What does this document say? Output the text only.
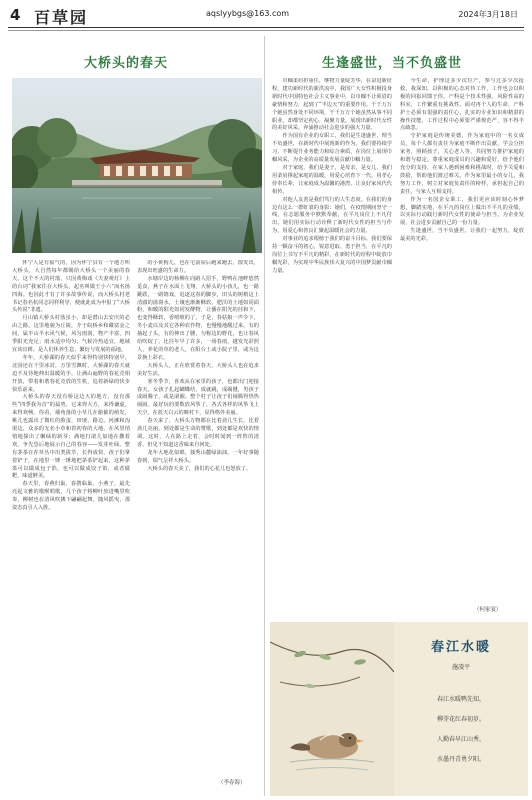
4 百草园	aqslyybgs@163.com	2024年3月18日
大桥头的春天

怀宁人是有福气的，因为怀宁县有一个地方叫大桥头，大自然每年都赐给大桥头一个美丽的春天。这个不大的村落，只因黄梅戏《夫妻观灯》上的台词“我家住在大桥头，起名叫做王小六”而名扬四海。也因此才有了许多故事传说，而大桥头村老书记春名杭同志同样利导，便就此成为申报了“大桥头传说”非遗。

月山镇大桥头村落虽小，却是潜山去安庆的必由之路。这里地貌为丘陵，介于皖桥乡和藏富金之间，属半山半水风气候，风匀雨润，物产丰富，四季阳光充足；雨水适中均匀；气候冷热适宜，地域宜该宜耕。是人们休养生息，繁衍与发展的福地。

冬年，大桥湖的春天似乎来得特别快特别早，北国还在千里冰封，万里雪飘时，大桥湖的春天就迫不及待地伸出温暖的手，让满山遍野的春花竞相开放，带着和谐春花竞放的生机，追着新绿的快步快乐前来。

大桥头的春天没有桥这边大的地方，没有那些“四季我为首”的属势，它来得大方，来得谦虚，来得欢畅。你看，墙角落的小草儿在偷偷的萌发，桃儿也露出了微红的脸蛋，田埂、路边，河滩和沟渠边，众多的无名小草和着初春的大地，在风里悄悄地探出了嫩绿的新芽；满地打滚儿似地在撒着欢，争先恐后地展示自己的春容——发芽吐绿。整有茅茶在茬草丛中出类拔萃，长得成快，孩子们拿着铲子，在地里一锤一锤地把茅茶铲起来，这种茅茶可以做成包子馅，也可以做成饺子馅，或者做粑，味道鲜美。

春天里，春燕归巢，春鹊临巢，小燕子，最先亮起文雅的歌喉唱歌，几个孩子将柳叶放进嘴里吹奏，柳树也在清风吹拂下翩翩起舞，随风摇曳，那姿态真引人入胜。

的小黄狗儿，也在宅前屋后跑来跑去，散发出，表现出旺盛的生命力。

水塘岸边的杨柳在向路人招手，野鸭在池畔悠然觅食，燕子在水面上飞翔，大桥头的小孩儿，也一路跳跃，一路嬉戏，追逐这春的脚步，田头的树梢这上清澈的滋润水，土壤也渐渐酥软，肥沃的土地如同面粉，和暖的阳光如同发酵物，让播在阳光的挂和下，也变得酥软，香喷喷的了。于是，春姑娘一声令下，冬小麦以及其它各种农作物，也慢慢地醒过来，有的抽起了头，有的伸出了腰，匀称边的野花，也让春风给吹绽了。比往年早了许多，一场春雨，越发光彩照人，养花莳草的老人，在阳台上或小院子里，或为这景换上彩衣。

大桥头人，正在欣赏着春天，大桥头人也在追求美好生活。

寒冬季节，喜欢从在家里的孩子，也都出门迎接春天。女孩子扎起蝴蝶结，成就跳，成踢毽，男孩子或闹腾子，或是滚圈。整个村子让孩子们闹腾得热热闹闹。最好玩的要数放风筝了，各式各样的风筝飞上天空，在蓝天白云的映衬下，显得格外美丽。

春天来了，大桥头万物都在比着劲儿生长，比着劲儿亮丽。到处都是生命的赞歌，到处都是欢快的情调。这时，人在路上走着，会时时闻到一阵阵的清香，但见不知道这香味来自何处。

龙年大地花似锦，独秀山麓绿油油。一年好事随春到，瑞气呈祥大桥头。

大桥头的春天美了，我们的心花儿也怒放了。

（李春海）
生逢盛世，当不负盛世

巾帼柔肩担重任，继物力量绽芳华，在奋进新征程，建功新时代的新洪流中，我国广大女性积极投身新时代中国特色社会主义事业中，以巾帼不让须眉的豪情和努力，起到了“半边天”的重要作用。千千万万个她虽然身处不同环境，千千万万个她虽然从事不同职业，却都坚定初心，凝聚力量，展现出新时代女性的美好风采，奔涌推动社会进步的强大力量。

作为国有企业的女职工，我们是生逢盛世，理当不负盛世，在新时代中展现新的作为。我们要持续学习，不断提升业务能力和综合素质，在岗位上展现巾帼风采，为企业的高质量发展贡献巾帼力量。

对于家庭，我们是妻子，是母亲，是女儿，我们用柔肩撑起家庭的温暖，用爱心培育下一代，用孝心侍奉长辈，让家庭成为温馨的港湾，让良好家风代代相传。

对他人友善是我们笃行的人生态度。在我们的身边有这么一群虹裳的身影：她们，在疫情期间坚守一线，在志愿服务中默默奉献，在平凡岗位上不凡付出。她们用实际行动诠释了新时代女性的担当与作为，用爱心和善良汇聚起温暖社会的力量。

对事业的追求根植于我们的奋斗目标。我们要保持一颗奋斗的初心，锐意进取、勇于担当，在平凡的岗位上书写不平凡的精彩，在新时代的征程中绽放巾帼光彩，为实现中华民族伟大复兴的中国梦贡献巾帼力量。

今生命，护理这多少次位产，参与过多少次抢救，我深知，以积极的心态对待工作，工作也会以积极的回报回馈于你。产科是个技术性强，风险性高的科室，工作繁重有挑战性。面对再个人的生命，产科护士必须有很强的责任心，扎实的专业知识和精湛的操作技能，工作过程中必须要严谨规范严，容不得半点疏忽。

守护家庭是传统美德，作为家庭中的一名女成员，每个人都有责任为家庭不断作出贡献，学会分担家务，照顾孩子，关心老人等，共同努力推护家庭的和谐与稳定。尊重家庭成员的兴趣和爱好，给予他们充分的支持，在家人遇到困难和挑战时，给予关爱和鼓励，帮助他们渡过难关。作为家里最小的女儿，我努力工作，树立对家庭负责任的榜样，承担起自己的责任，与家人互相支持。

作为一名国企女职工，我们更应该时刻心怀梦想，脚踏实地，在平凡的岗位上做出不平凡的业绩，以实际行动践行新时代女性的使命与担当，为企业发展、社会进步贡献自己的一份力量。

生逢盛世，当不负盛世，让我们一起努力，绽放最美的光彩。

（何家宴）
春江水暖
施凌平
春江水暖鸭先知，
柳芽花红春初岁。
人勤春早江山秀，
水墨丹青勇夕阳。
